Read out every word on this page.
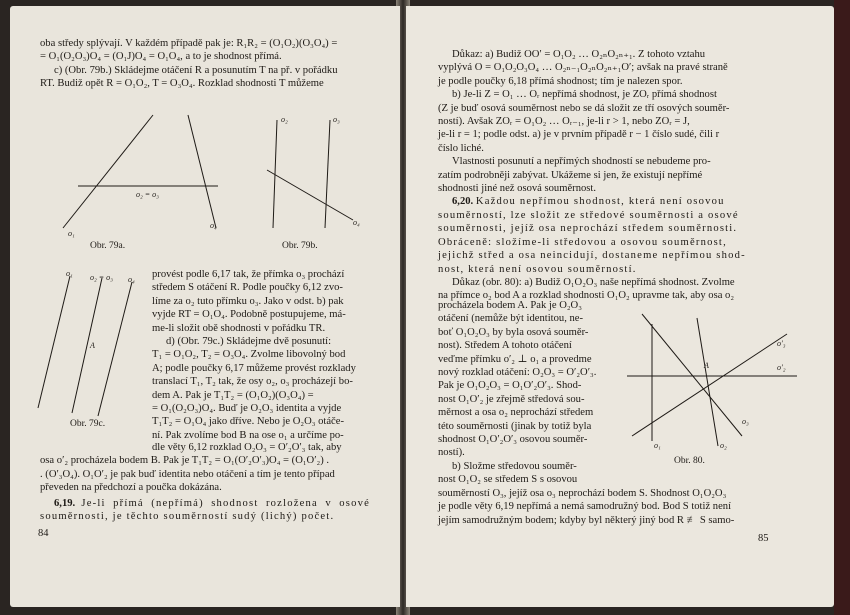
oba středy splývají. V každém případě pak je: R₁R₂ = (O₁O₂)(O₃O₄) =

= O₁(O₂O₃)O₄ = (O₁J)O₄ = O₁O₄, a to je shodnost přímá.

c) (Obr. 79b.) Skládejme otáčení R a posunutím T na př. v pořádku

RT. Budiž opět R = O₁O₂, T = O₃O₄. Rozklad shodnosti T můžeme

o₁
o₄
o₂ = o₃
Obr. 79a.
o₂	o₃
o₄
Obr. 79b.
o₁ o₂ = o₃ o₄
A
Obr. 79c.

provést podle 6,17 tak, že přímka o₃ prochází

středem S otáčení R. Podle poučky 6,12 zvo-

líme za o₂ tuto přímku o₃. Jako v odst. b) pak

vyjde RT = O₁O₄. Podobně postupujeme, má-

me-li složit obě shodnosti v pořádku TR.

d) (Obr. 79c.) Skládejme dvě posunutí:

T₁ = O₁O₂, T₂ = O₃O₄. Zvolme libovolný bod

A; podle poučky 6,17 můžeme provést rozklady

translací T₁, T₂ tak, že osy o₂, o₃ procházejí bo-

dem A. Pak je T₁T₂ = (O₁O₂)(O₃O₄) =

= O₁(O₂O₃)O₄. Buď je O₂O₃ identita a vyjde

T₁T₂ = O₁O₄ jako dříve. Nebo je O₂O₃ otáče-

ní. Pak zvolíme bod B na ose o₁ a určíme po-

dle věty 6,12 rozklad O₂O₃ = O′₂O′₃ tak, aby

osa o′₂ procházela bodem B. Pak je T₁T₂ = O₁(O′₂O′₃)O₄ = (O₁O′₂) .

. (O′₃O₄). O₁O′₂ je pak buď identita nebo otáčení a tím je tento případ

převeden na předchozí a poučka dokázána.

6,19. Je-li přímá (nepřímá) shodnost rozložena v osové souměrnosti, je těchto souměrností sudý (lichý) počet.

84

Důkaz: a) Budiž OO′ = O₁O₂ … O₂ₙO₂ₙ₊₁. Z tohoto vztahu

vyplývá O = O₁O₂O₃O₄ … O₂ₙ₋₁O₂ₙO₂ₙ₊₁O′; avšak na pravé straně

je podle poučky 6,18 přímá shodnost; tím je nalezen spor.

b) Je-li Z = O₁ … Oᵣ nepřímá shodnost, je ZOᵣ přímá shodnost

(Z je buď osová souměrnost nebo se dá složit ze tří osových souměr-

ností). Avšak ZOᵣ = O₁O₂ … Oᵣ₋₁, je-li r > 1, nebo ZOᵣ = J,

je-li r = 1; podle odst. a) je v prvním případě r − 1 číslo sudé, čili r

číslo liché.

Vlastnosti posunutí a nepřímých shodností se nebudeme pro-

zatím podrobněji zabývat. Ukážeme si jen, že existují nepřímé

shodnosti jiné než osová souměrnost.

6,20. Každou nepřímou shodnost, která není osovou

souměrností, lze složit ze středové souměrnosti a osové

souměrnosti, jejíž osa neprochází středem souměrnosti.

Obráceně: složíme-li středovou a osovou souměrnost,

jejichž střed a osa neincidují, dostaneme nepřímou shod-

nost, která není osovou souměrností.

Důkaz (obr. 80): a) Budiž O₁O₂O₃ naše nepřímá shodnost. Zvolme

na přímce o₂ bod A a rozklad shodnosti O₁O₂ upravme tak, aby osa o₂

procházela bodem A. Pak je O₂O₃

otáčení (nemůže být identitou, ne-

boť O₁O₂O₃ by byla osová souměr-

nost). Středem A tohoto otáčení

veďme přímku o′₂ ⊥ o₁ a provedme

nový rozklad otáčení: O₂O₃ = O′₂O′₃.

Pak je O₁O₂O₃ = O₁O′₂O′₃. Shod-

nost O₁O′₂ je zřejmě středová sou-

měrnost a osa o₂ neprochází středem

této souměrnosti (jinak by totiž byla

shodnost O₁O′₂O′₃ osovou souměr-

ností).

b) Složme středovou souměr-

nost O₁O₂ se středem S s osovou

A	o′₂
o′₃
o₃
o₁	o₂
Obr. 80.

souměrností O₃, jejíž osa o₃ neprochází bodem S. Shodnost O₁O₂O₃

je podle věty 6,19 nepřímá a nemá samodružný bod. Bod S totiž není

jejím samodružným bodem; kdyby byl některý jiný bod R ≢ S samo-

85
